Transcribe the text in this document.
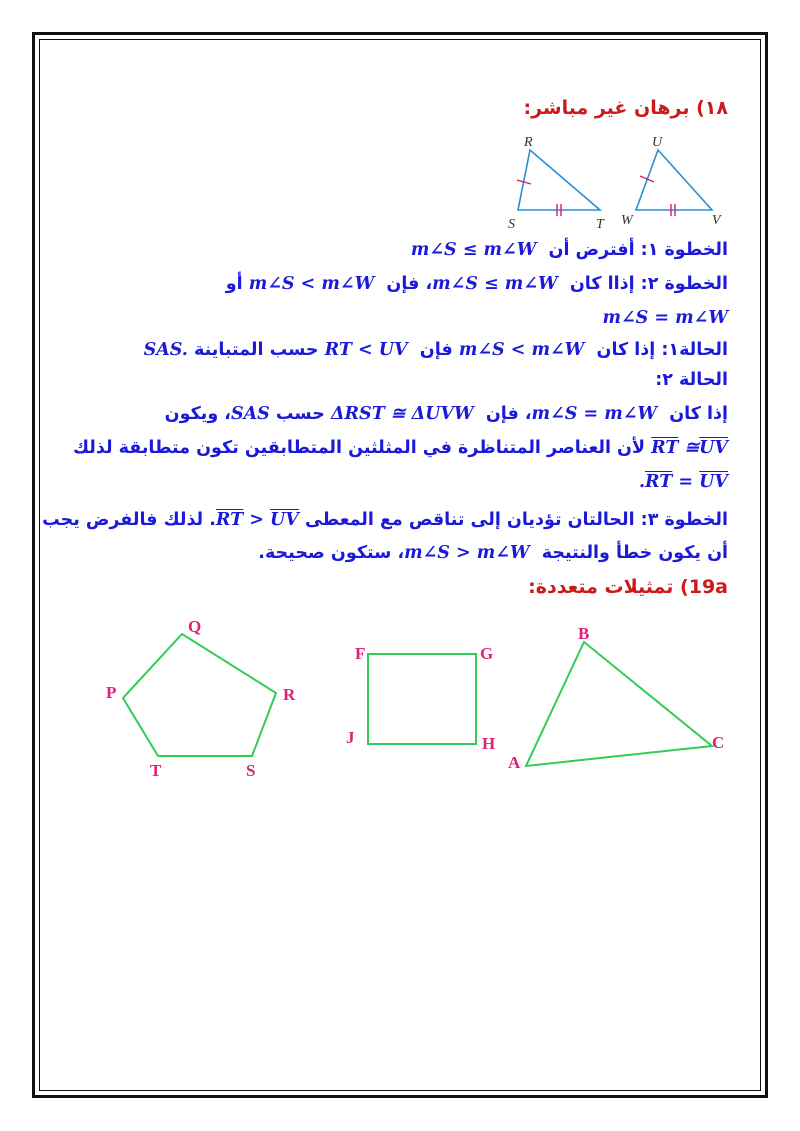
١٨) برهان غير مباشر:
R
S	T
U
W	V
الخطوة ١: أفترض أن  m∠S ≤ m∠W
الخطوة ٢: إذاا كان  m∠S ≤ m∠W، فإن  m∠S < m∠W أو
m∠S = m∠W
الحالة١: إذا كان  m∠S < m∠W فإن  RT < UV حسب المتباينة SAS.
الحالة ٢:
إذا كان  m∠S = m∠W، فإن  ΔRST ≅ ΔUVW حسب SAS، ويكون
$\overline{RT}$ $≅\overline{UV}$ لأن العناصر المتناظرة في المثلثين المتطابقين تكون متطابقة لذلك
$.\overline{RT} = \overline{UV}$
الخطوة ٣: الحالتان تؤديان إلى تناقص مع المعطى $\overline{RT} > \overline{UV}$. لذلك فالفرض يجب
أن يكون خطأ والنتيجة  m∠S > m∠W، ستكون صحيحة.
19a) تمثيلات متعددة:
Q
R
S
T
P
F	G
H
J
B
C
A
